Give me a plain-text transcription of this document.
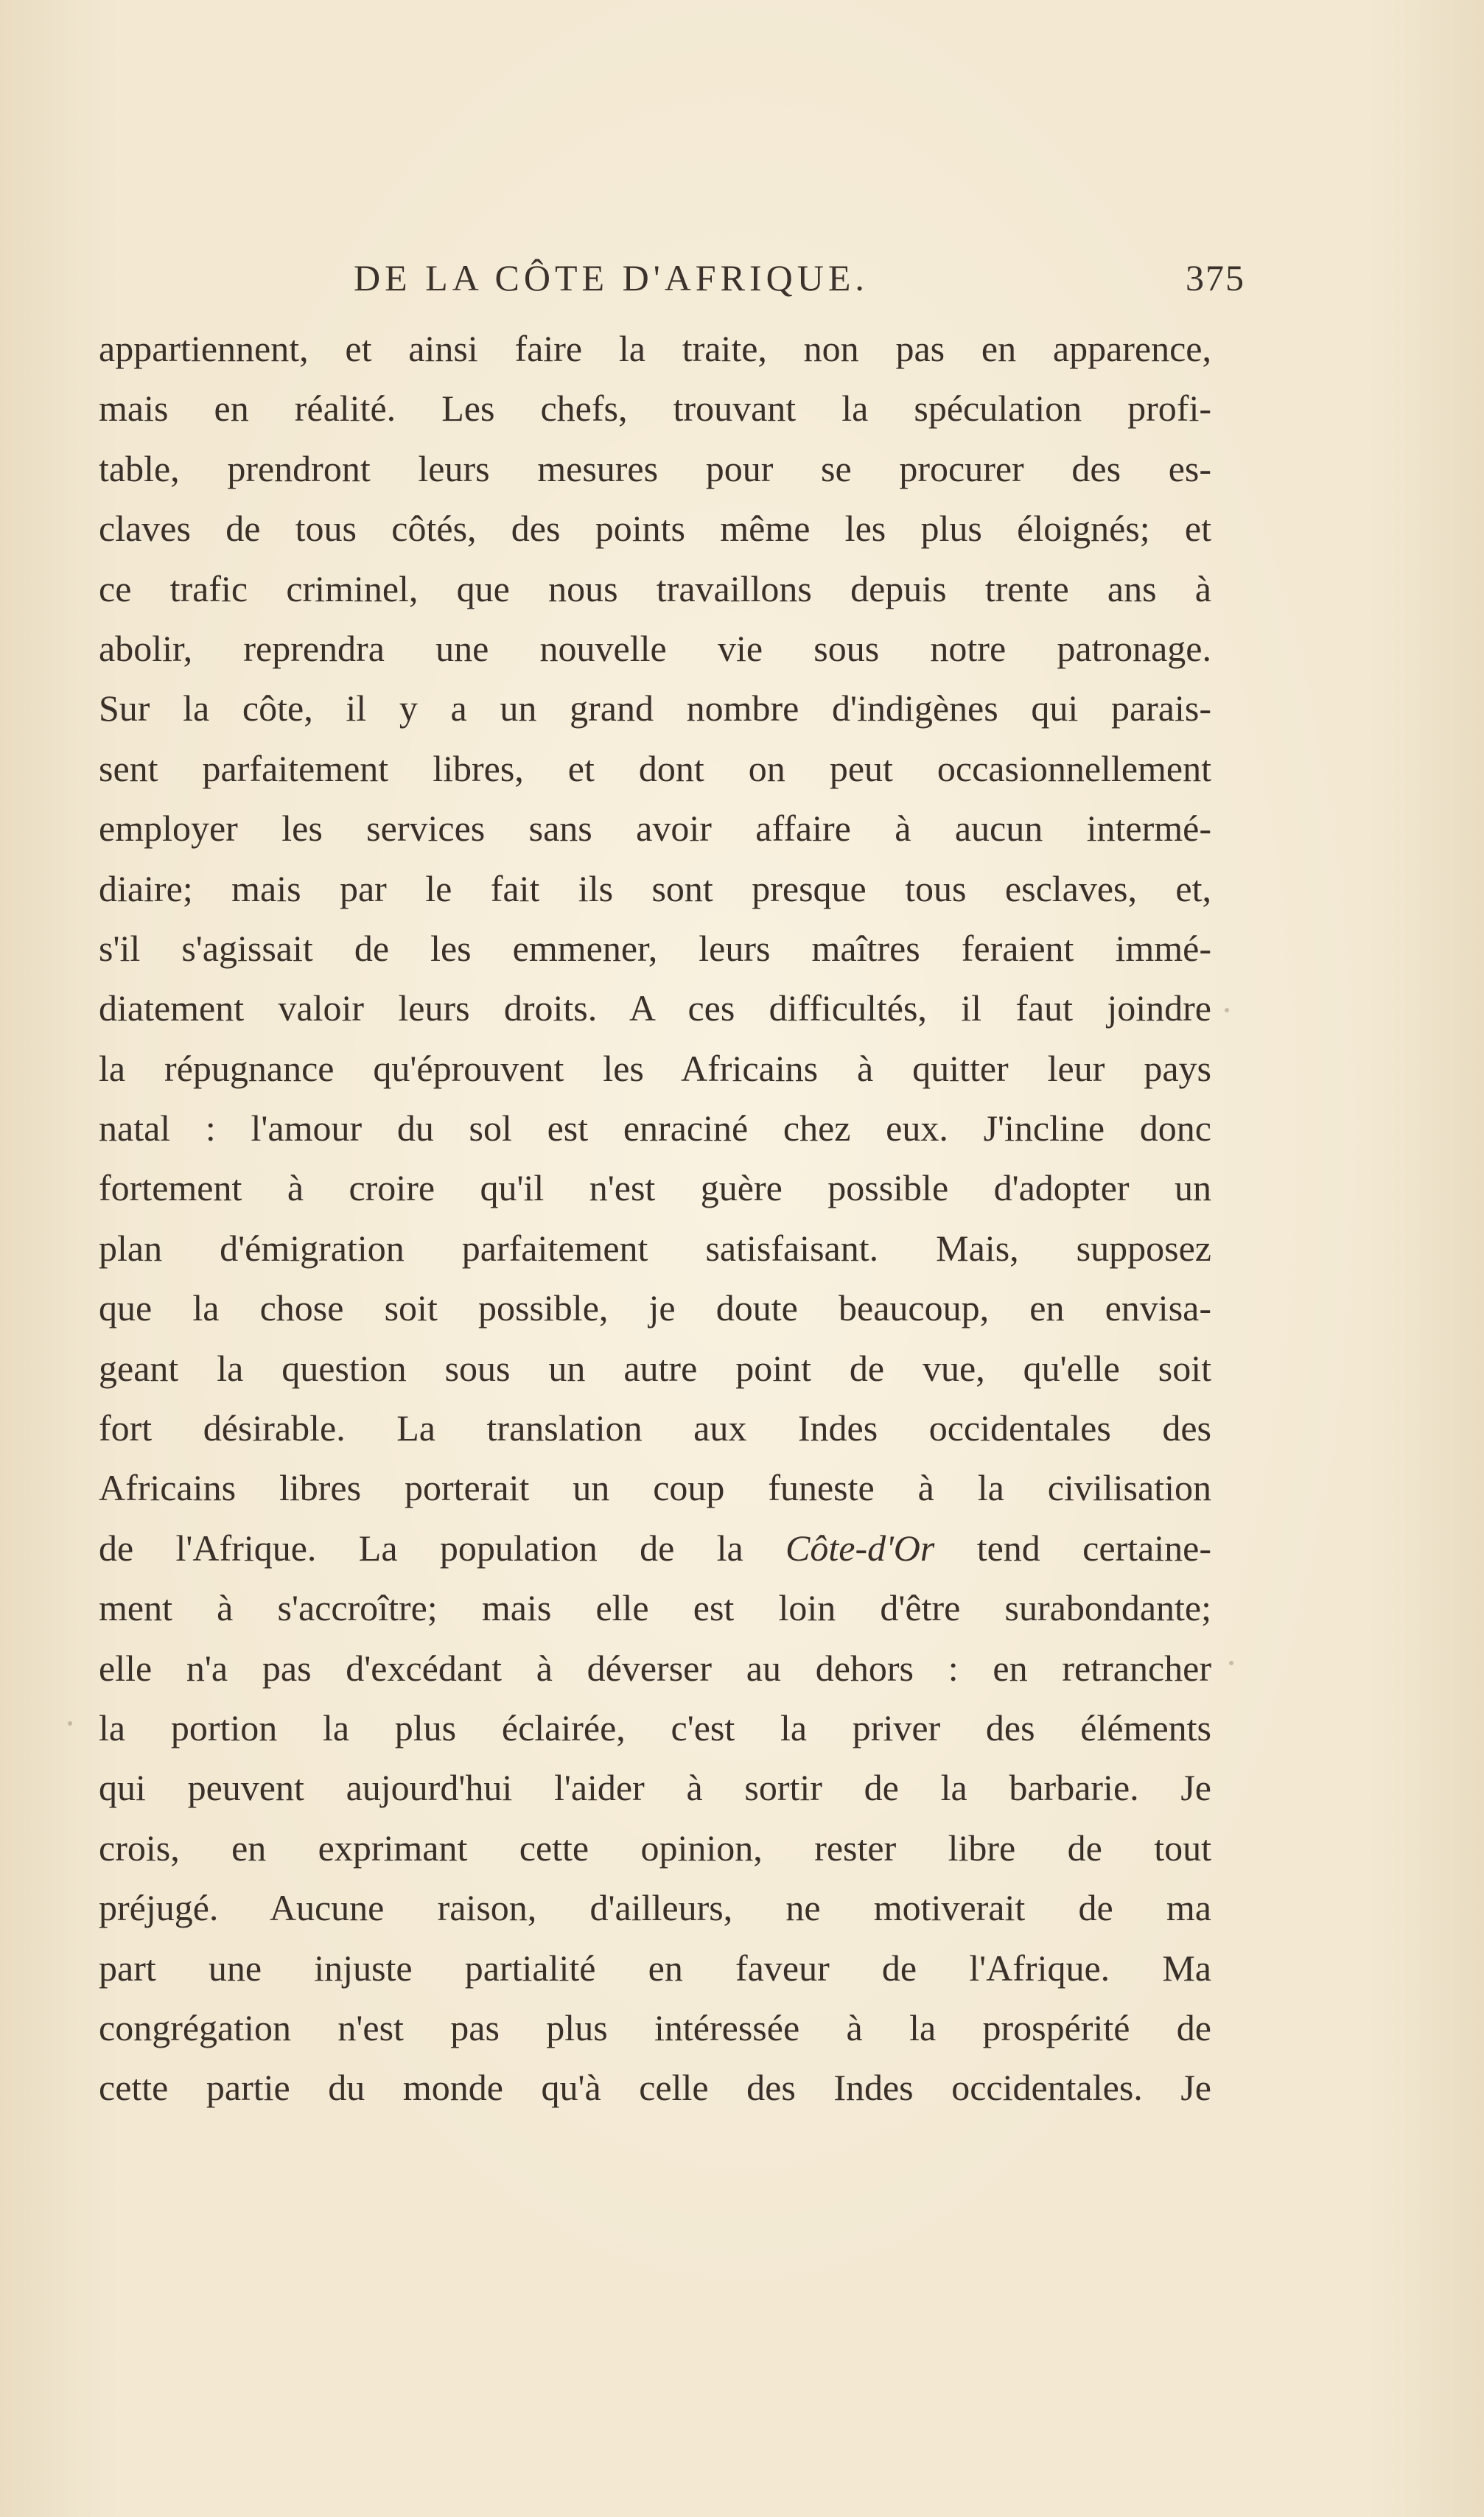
DE LA CÔTE D'AFRIQUE.	375
appartiennent, et ainsi faire la traite, non pas en apparence,
mais en réalité. Les chefs, trouvant la spéculation profi-
table, prendront leurs mesures pour se procurer des es-
claves de tous côtés, des points même les plus éloignés; et
ce trafic criminel, que nous travaillons depuis trente ans à
abolir, reprendra une nouvelle vie sous notre patronage.
Sur la côte, il y a un grand nombre d'indigènes qui parais-
sent parfaitement libres, et dont on peut occasionnellement
employer les services sans avoir affaire à aucun intermé-
diaire; mais par le fait ils sont presque tous esclaves, et,
s'il s'agissait de les emmener, leurs maîtres feraient immé-
diatement valoir leurs droits. A ces difficultés, il faut joindre
la répugnance qu'éprouvent les Africains à quitter leur pays
natal : l'amour du sol est enraciné chez eux. J'incline donc
fortement à croire qu'il n'est guère possible d'adopter un
plan d'émigration parfaitement satisfaisant. Mais, supposez
que la chose soit possible, je doute beaucoup, en envisa-
geant la question sous un autre point de vue, qu'elle soit
fort désirable. La translation aux Indes occidentales des
Africains libres porterait un coup funeste à la civilisation
de l'Afrique. La population de la Côte-d'Or tend certaine-
ment à s'accroître; mais elle est loin d'être surabondante;
elle n'a pas d'excédant à déverser au dehors : en retrancher
la portion la plus éclairée, c'est la priver des éléments
qui peuvent aujourd'hui l'aider à sortir de la barbarie. Je
crois, en exprimant cette opinion, rester libre de tout
préjugé. Aucune raison, d'ailleurs, ne motiverait de ma
part une injuste partialité en faveur de l'Afrique. Ma
congrégation n'est pas plus intéressée à la prospérité de
cette partie du monde qu'à celle des Indes occidentales. Je
